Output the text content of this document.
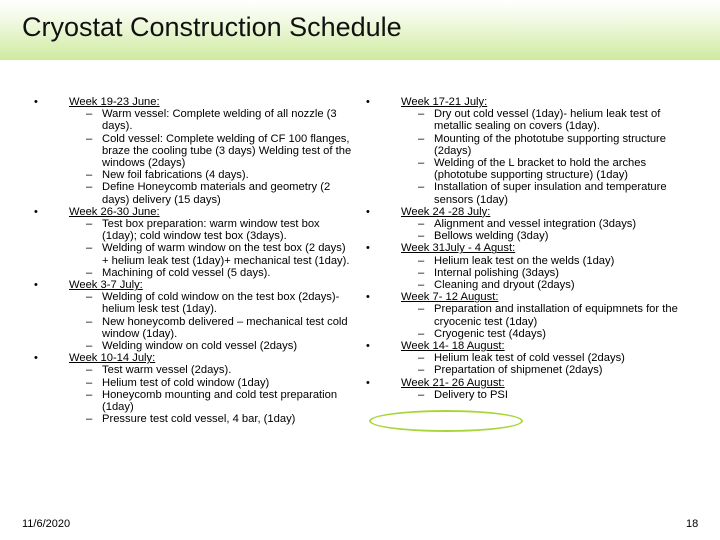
Cryostat Construction Schedule
•	Week 19-23 June:
– Warm vessel: Complete welding of all nozzle (3 days).
– Cold vessel: Complete welding of CF 100 flanges, braze the cooling tube (3 days) Welding test of the windows (2days)
– New foil fabrications (4 days).
– Define Honeycomb materials and geometry (2 days) delivery (15 days)
•	Week 26-30 June:
– Test box preparation: warm window test box (1day); cold window test box (3days).
– Welding of warm window on the test box (2 days) + helium leak test (1day)+ mechanical test (1day).
– Machining of cold vessel (5 days).
•	Week 3-7 July:
– Welding of cold window on the test box (2days)- helium lesk test (1day).
– New honeycomb delivered – mechanical test cold window (1day).
– Welding window on cold vessel (2days)
•	Week 10-14 July:
– Test warm vessel (2days).
– Helium test of cold window (1day)
– Honeycomb mounting and cold test preparation (1day)
– Pressure test cold vessel, 4 bar, (1day)
•	Week 17-21 July:
– Dry out cold vessel (1day)- helium leak test of metallic sealing on covers (1day).
– Mounting of the phototube supporting structure (2days)
– Welding of the L bracket to hold the arches (phototube supporting structure) (1day)
– Installation of super insulation and temperature sensors (1day)
•	Week 24 -28 July:
– Alignment and vessel integration (3days)
– Bellows welding (3day)
•	Week 31July - 4 Agust:
– Helium leak test on the welds (1day)
– Internal polishing (3days)
– Cleaning and dryout (2days)
•	Week 7- 12 August:
– Preparation and installation of equipmnets for the cryocenic test (1day)
– Cryogenic test (4days)
•	Week 14- 18 August:
– Helium leak test of cold vessel (2days)
– Prepartation of shipmenet (2days)
•	Week 21- 26 August:
– Delivery to PSI
11/6/2020	18
